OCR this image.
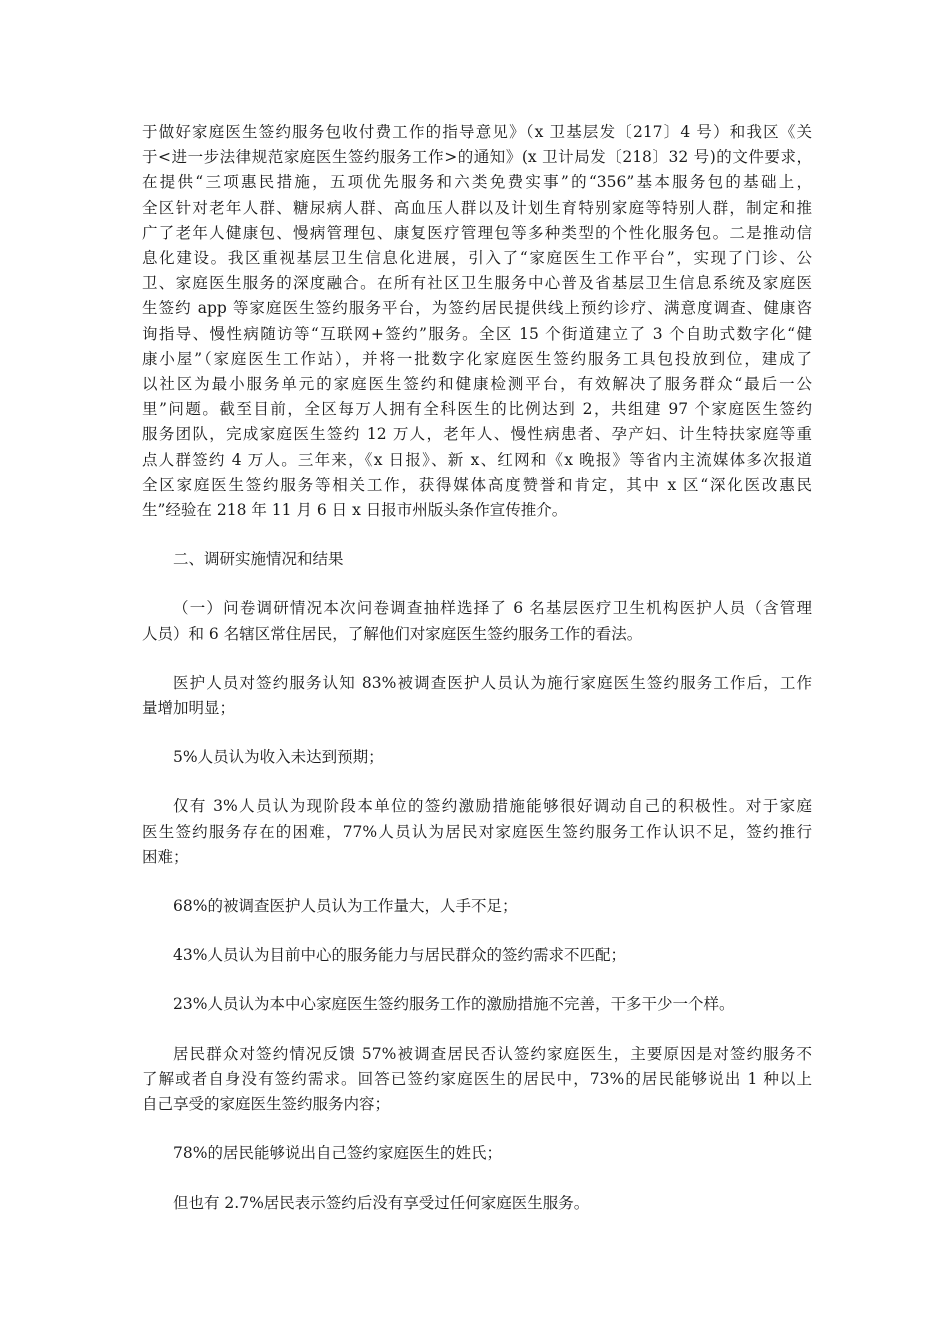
于做好家庭医生签约服务包收付费工作的指导意见》（x 卫基层发〔217〕4 号）和我区《关
于<进一步法律规范家庭医生签约服务工作>的通知》(x 卫计局发〔218〕32 号)的文件要求，
在提供“三项惠民措施，五项优先服务和六类免费实事”的“356”基本服务包的基础上，
全区针对老年人群、糖尿病人群、高血压人群以及计划生育特别家庭等特别人群，制定和推
广了老年人健康包、慢病管理包、康复医疗管理包等多种类型的个性化服务包。二是推动信
息化建设。我区重视基层卫生信息化进展，引入了“家庭医生工作平台”，实现了门诊、公
卫、家庭医生服务的深度融合。在所有社区卫生服务中心普及省基层卫生信息系统及家庭医
生签约 app 等家庭医生签约服务平台，为签约居民提供线上预约诊疗、满意度调查、健康咨
询指导、慢性病随访等“互联网+签约”服务。全区 15 个街道建立了 3 个自助式数字化“健
康小屋”（家庭医生工作站），并将一批数字化家庭医生签约服务工具包投放到位，建成了
以社区为最小服务单元的家庭医生签约和健康检测平台，有效解决了服务群众“最后一公
里”问题。截至目前，全区每万人拥有全科医生的比例达到 2，共组建 97 个家庭医生签约
服务团队，完成家庭医生签约 12 万人，老年人、慢性病患者、孕产妇、计生特扶家庭等重
点人群签约 4 万人。三年来，《x 日报》、新 x、红网和《x 晚报》等省内主流媒体多次报道
全区家庭医生签约服务等相关工作，获得媒体高度赞誉和肯定，其中 x 区“深化医改惠民
生”经验在 218 年 11 月 6 日 x 日报市州版头条作宣传推介。
二、调研实施情况和结果
（一）问卷调研情况本次问卷调查抽样选择了 6 名基层医疗卫生机构医护人员（含管理
人员）和 6 名辖区常住居民，了解他们对家庭医生签约服务工作的看法。
医护人员对签约服务认知 83%被调查医护人员认为施行家庭医生签约服务工作后，工作
量增加明显；
5%人员认为收入未达到预期；
仅有 3%人员认为现阶段本单位的签约激励措施能够很好调动自己的积极性。对于家庭
医生签约服务存在的困难，77%人员认为居民对家庭医生签约服务工作认识不足，签约推行
困难；
68%的被调查医护人员认为工作量大，人手不足；
43%人员认为目前中心的服务能力与居民群众的签约需求不匹配；
23%人员认为本中心家庭医生签约服务工作的激励措施不完善，干多干少一个样。
居民群众对签约情况反馈 57%被调查居民否认签约家庭医生，主要原因是对签约服务不
了解或者自身没有签约需求。回答已签约家庭医生的居民中，73%的居民能够说出 1 种以上
自己享受的家庭医生签约服务内容；
78%的居民能够说出自己签约家庭医生的姓氏；
但也有 2.7%居民表示签约后没有享受过任何家庭医生服务。
